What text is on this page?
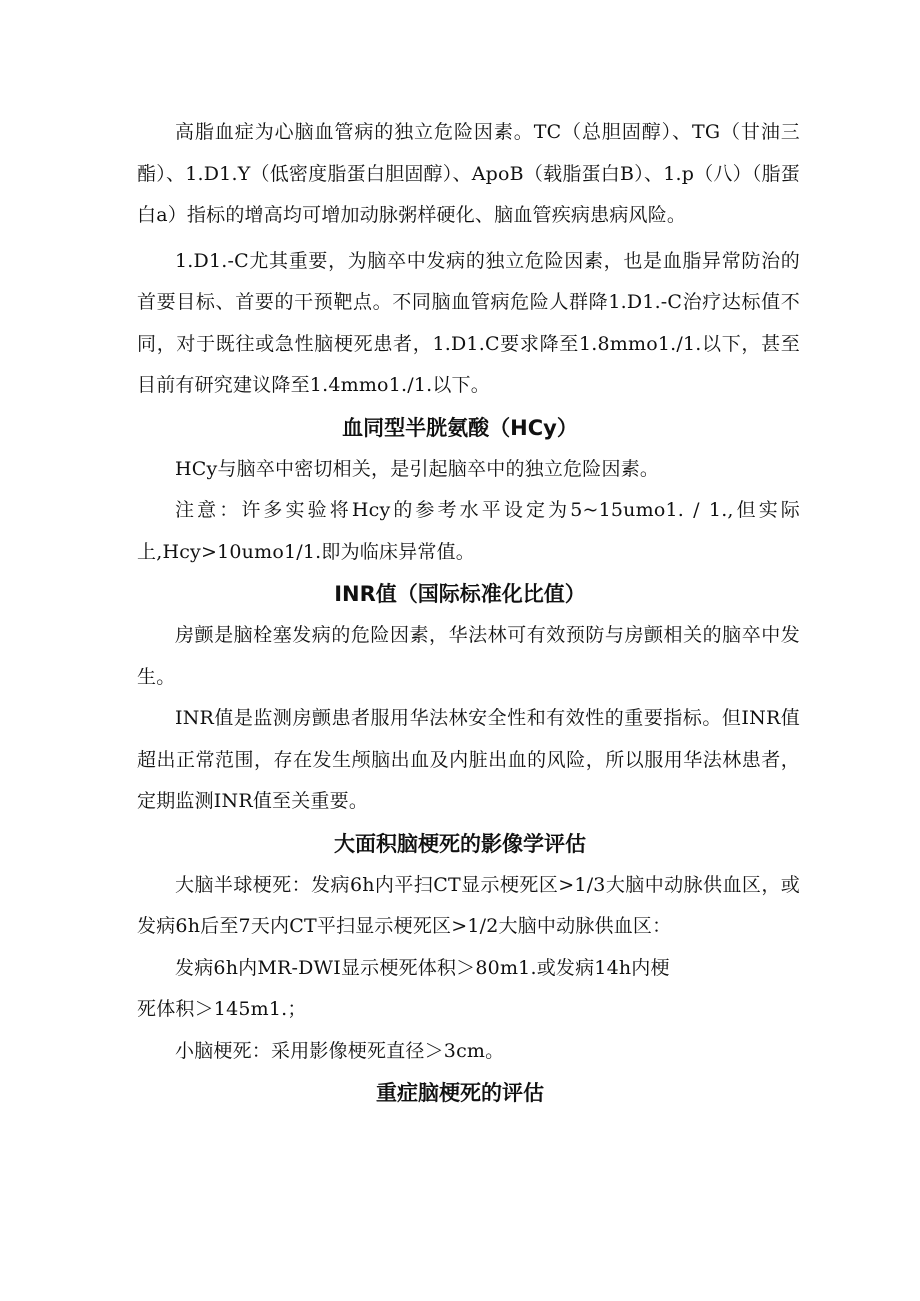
高脂血症为心脑血管病的独立危险因素。TC（总胆固醇）、TG（甘油三酯）、1.D1.Y（低密度脂蛋白胆固醇）、ApoB（载脂蛋白B）、1.p（八）（脂蛋白a）指标的增高均可增加动脉粥样硬化、脑血管疾病患病风险。

1.D1.-C尤其重要，为脑卒中发病的独立危险因素，也是血脂异常防治的首要目标、首要的干预靶点。不同脑血管病危险人群降1.D1.-C治疗达标值不同，对于既往或急性脑梗死患者，1.D1.C要求降至1.8mmo1./1.以下，甚至目前有研究建议降至1.4mmo1./1.以下。

血同型半胱氨酸（HCy）

HCy与脑卒中密切相关，是引起脑卒中的独立危险因素。

注意：许多实验将Hcy的参考水平设定为5~15umo1. / 1.,但实际上,Hcy>10umo1/1.即为临床异常值。

INR值（国际标准化比值）

房颤是脑栓塞发病的危险因素，华法林可有效预防与房颤相关的脑卒中发生。

INR值是监测房颤患者服用华法林安全性和有效性的重要指标。但INR值超出正常范围，存在发生颅脑出血及内脏出血的风险，所以服用华法林患者，定期监测INR值至关重要。

大面积脑梗死的影像学评估

大脑半球梗死：发病6h内平扫CT显示梗死区>1/3大脑中动脉供血区，或发病6h后至7天内CT平扫显示梗死区>1/2大脑中动脉供血区：

发病6h内MR-DWI显示梗死体积＞80m1.或发病14h内梗

死体积＞145m1.；

小脑梗死：采用影像梗死直径＞3cm。

重症脑梗死的评估
